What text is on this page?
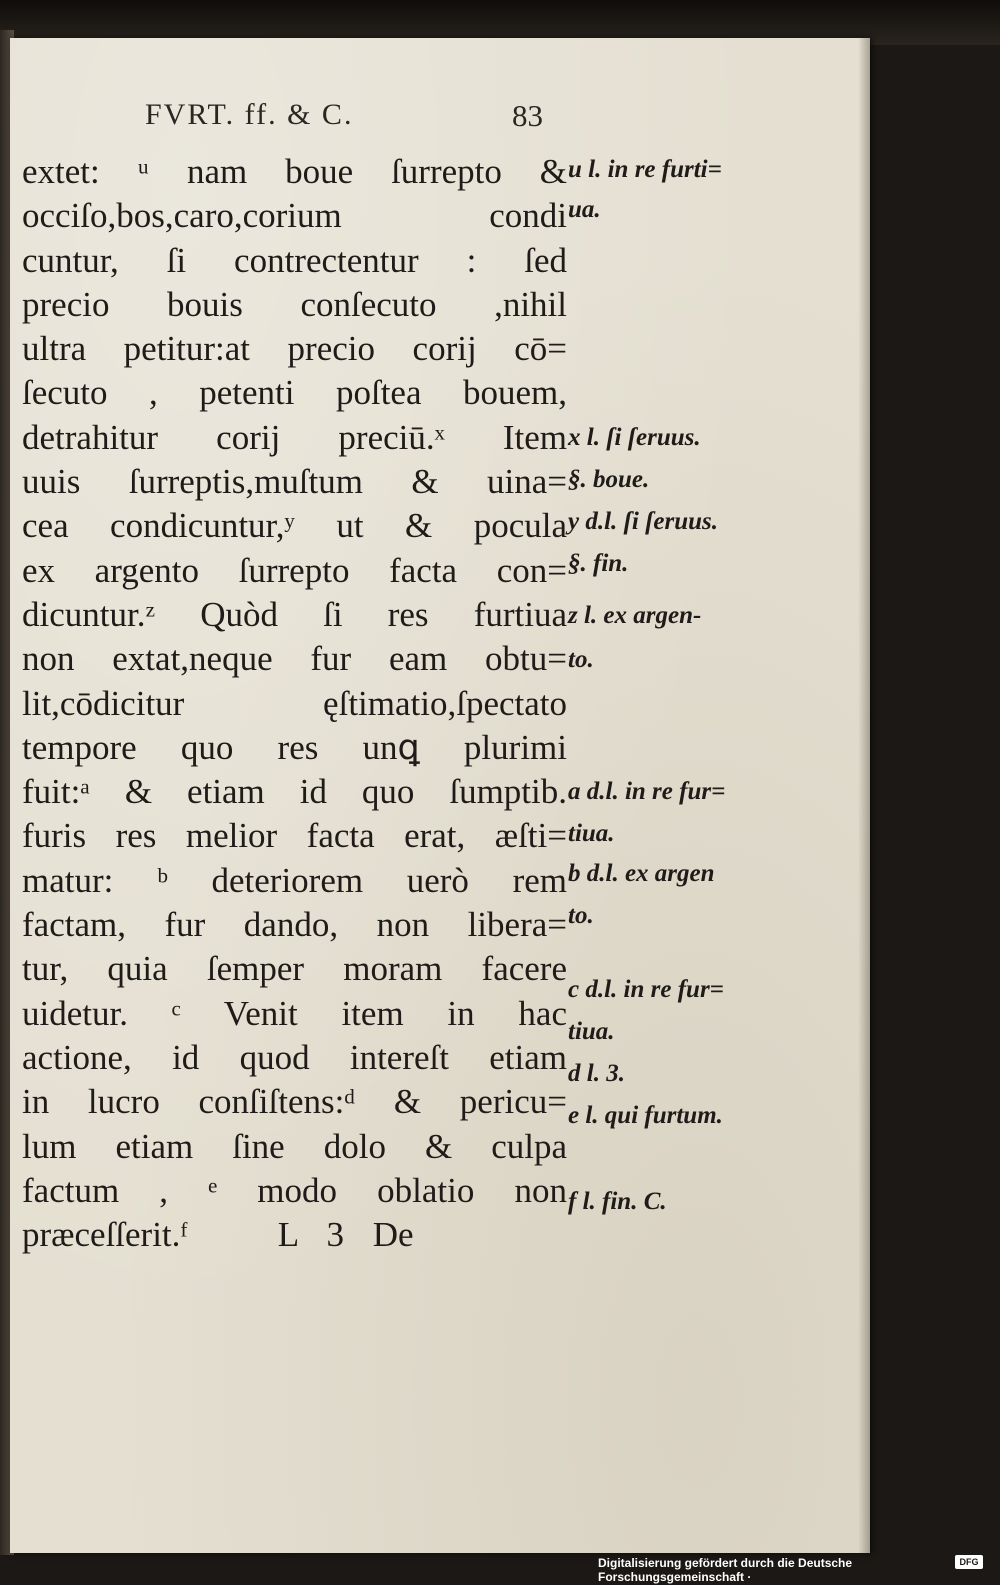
FVRT. ff. & C.	83
extet: ᵘ nam boue ſurrepto &
occiſo,bos,caro,corium condi
cuntur, ſi contrectentur : ſed
precio bouis conſecuto ,nihil
ultra petitur:at precio corij cō=
ſecuto , petenti poſtea bouem,
detrahitur corij preciū.ˣ Item
uuis ſurreptis,muſtum & uina=
cea condicuntur,ʸ ut & pocula
ex argento ſurrepto facta con=
dicuntur.ᶻ Quòd ſi res furtiua
non extat,neque fur eam obtu=
lit,cōdicitur ęſtimatio,ſpectato
tempore quo res unꝗ plurimi
fuit:ᵃ & etiam id quo ſumptib.
furis res melior facta erat, æſti=
matur: ᵇ deteriorem uerò rem
factam, fur dando, non libera=
tur, quia ſemper moram facere
uidetur. ᶜ Venit item in hac
actione, id quod intereſt etiam
in lucro conſiſtens:ᵈ & pericu=
lum etiam ſine dolo & culpa
factum , ᵉ modo oblatio non
præceſſerit.ᶠ	L 3 De
u l. in re furti=
ua.
x l. ſi ſeruus.
§. boue.
y d.l. ſi ſeruus.
§. fin.
z l. ex argen-
to.
a d.l. in re fur=
tiua.
b d.l. ex argen
to.
c d.l. in re fur=
tiua.
d l. 3.
e l. qui furtum.
f l. fin. C.
Digitalisierung gefördert durch die Deutsche Forschungsgemeinschaft ·
DFG
